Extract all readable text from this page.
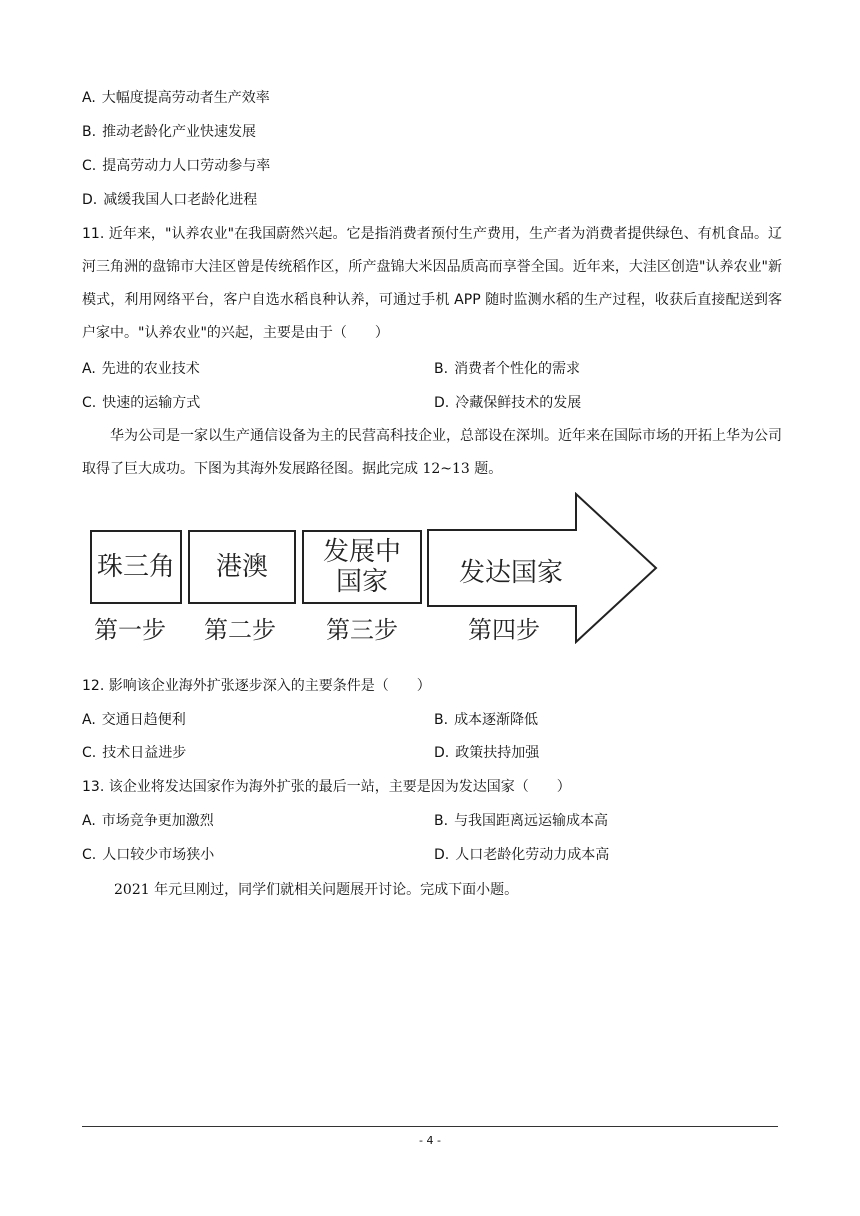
A. 大幅度提高劳动者生产效率
B. 推动老龄化产业快速发展
C. 提高劳动力人口劳动参与率
D. 减缓我国人口老龄化进程
11. 近年来，"认养农业"在我国蔚然兴起。它是指消费者预付生产费用，生产者为消费者提供绿色、有机食品。辽河三角洲的盘锦市大洼区曾是传统稻作区，所产盘锦大米因品质高而享誉全国。近年来，大洼区创造"认养农业"新模式，利用网络平台，客户自选水稻良种认养，可通过手机 APP 随时监测水稻的生产过程，收获后直接配送到客户家中。"认养农业"的兴起，主要是由于（　　）
A. 先进的农业技术	B. 消费者个性化的需求
C. 快速的运输方式	D. 冷藏保鲜技术的发展
华为公司是一家以生产通信设备为主的民营高科技企业，总部设在深圳。近年来在国际市场的开拓上华为公司取得了巨大成功。下图为其海外发展路径图。据此完成 12~13 题。
珠三角	港澳	发展中
国家	发达国家
第一步 第二步 第三步	第四步
12. 影响该企业海外扩张逐步深入的主要条件是（　　）
A. 交通日趋便利	B. 成本逐渐降低
C. 技术日益进步	D. 政策扶持加强
13. 该企业将发达国家作为海外扩张的最后一站，主要是因为发达国家（　　）
A. 市场竞争更加激烈	B. 与我国距离远运输成本高
C. 人口较少市场狭小	D. 人口老龄化劳动力成本高
2021 年元旦刚过，同学们就相关问题展开讨论。完成下面小题。
- 4 -
